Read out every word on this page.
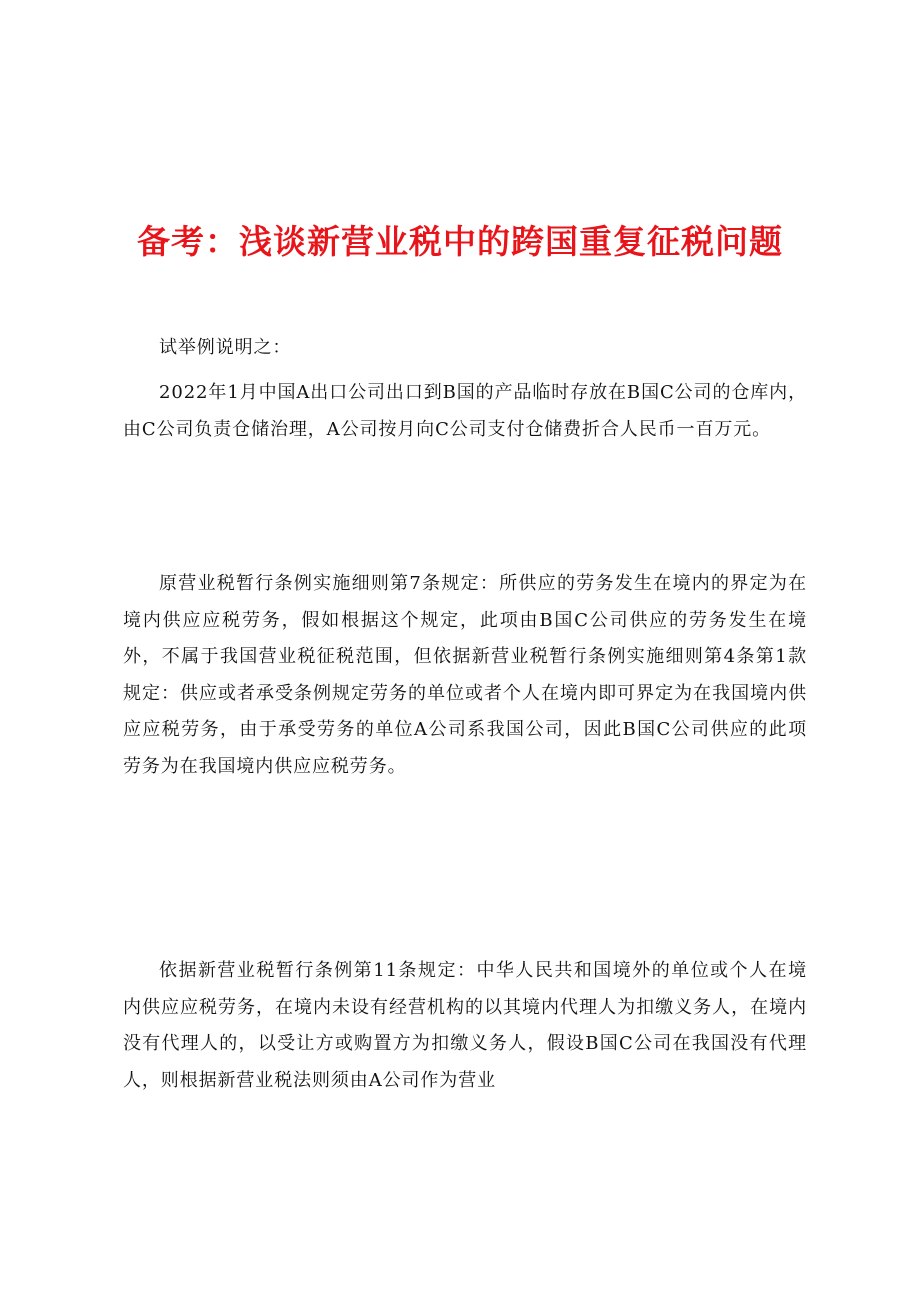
备考：浅谈新营业税中的跨国重复征税问题

试举例说明之：

2022年1月中国A出口公司出口到B国的产品临时存放在B国C公司的仓库内，由C公司负责仓储治理，A公司按月向C公司支付仓储费折合人民币一百万元。

原营业税暂行条例实施细则第7条规定：所供应的劳务发生在境内的界定为在境内供应应税劳务，假如根据这个规定，此项由B国C公司供应的劳务发生在境外，不属于我国营业税征税范围，但依据新营业税暂行条例实施细则第4条第1款规定：供应或者承受条例规定劳务的单位或者个人在境内即可界定为在我国境内供应应税劳务，由于承受劳务的单位A公司系我国公司，因此B国C公司供应的此项劳务为在我国境内供应应税劳务。

依据新营业税暂行条例第11条规定：中华人民共和国境外的单位或个人在境内供应应税劳务，在境内未设有经营机构的以其境内代理人为扣缴义务人，在境内没有代理人的，以受让方或购置方为扣缴义务人，假设B国C公司在我国没有代理人，则根据新营业税法则须由A公司作为营业
